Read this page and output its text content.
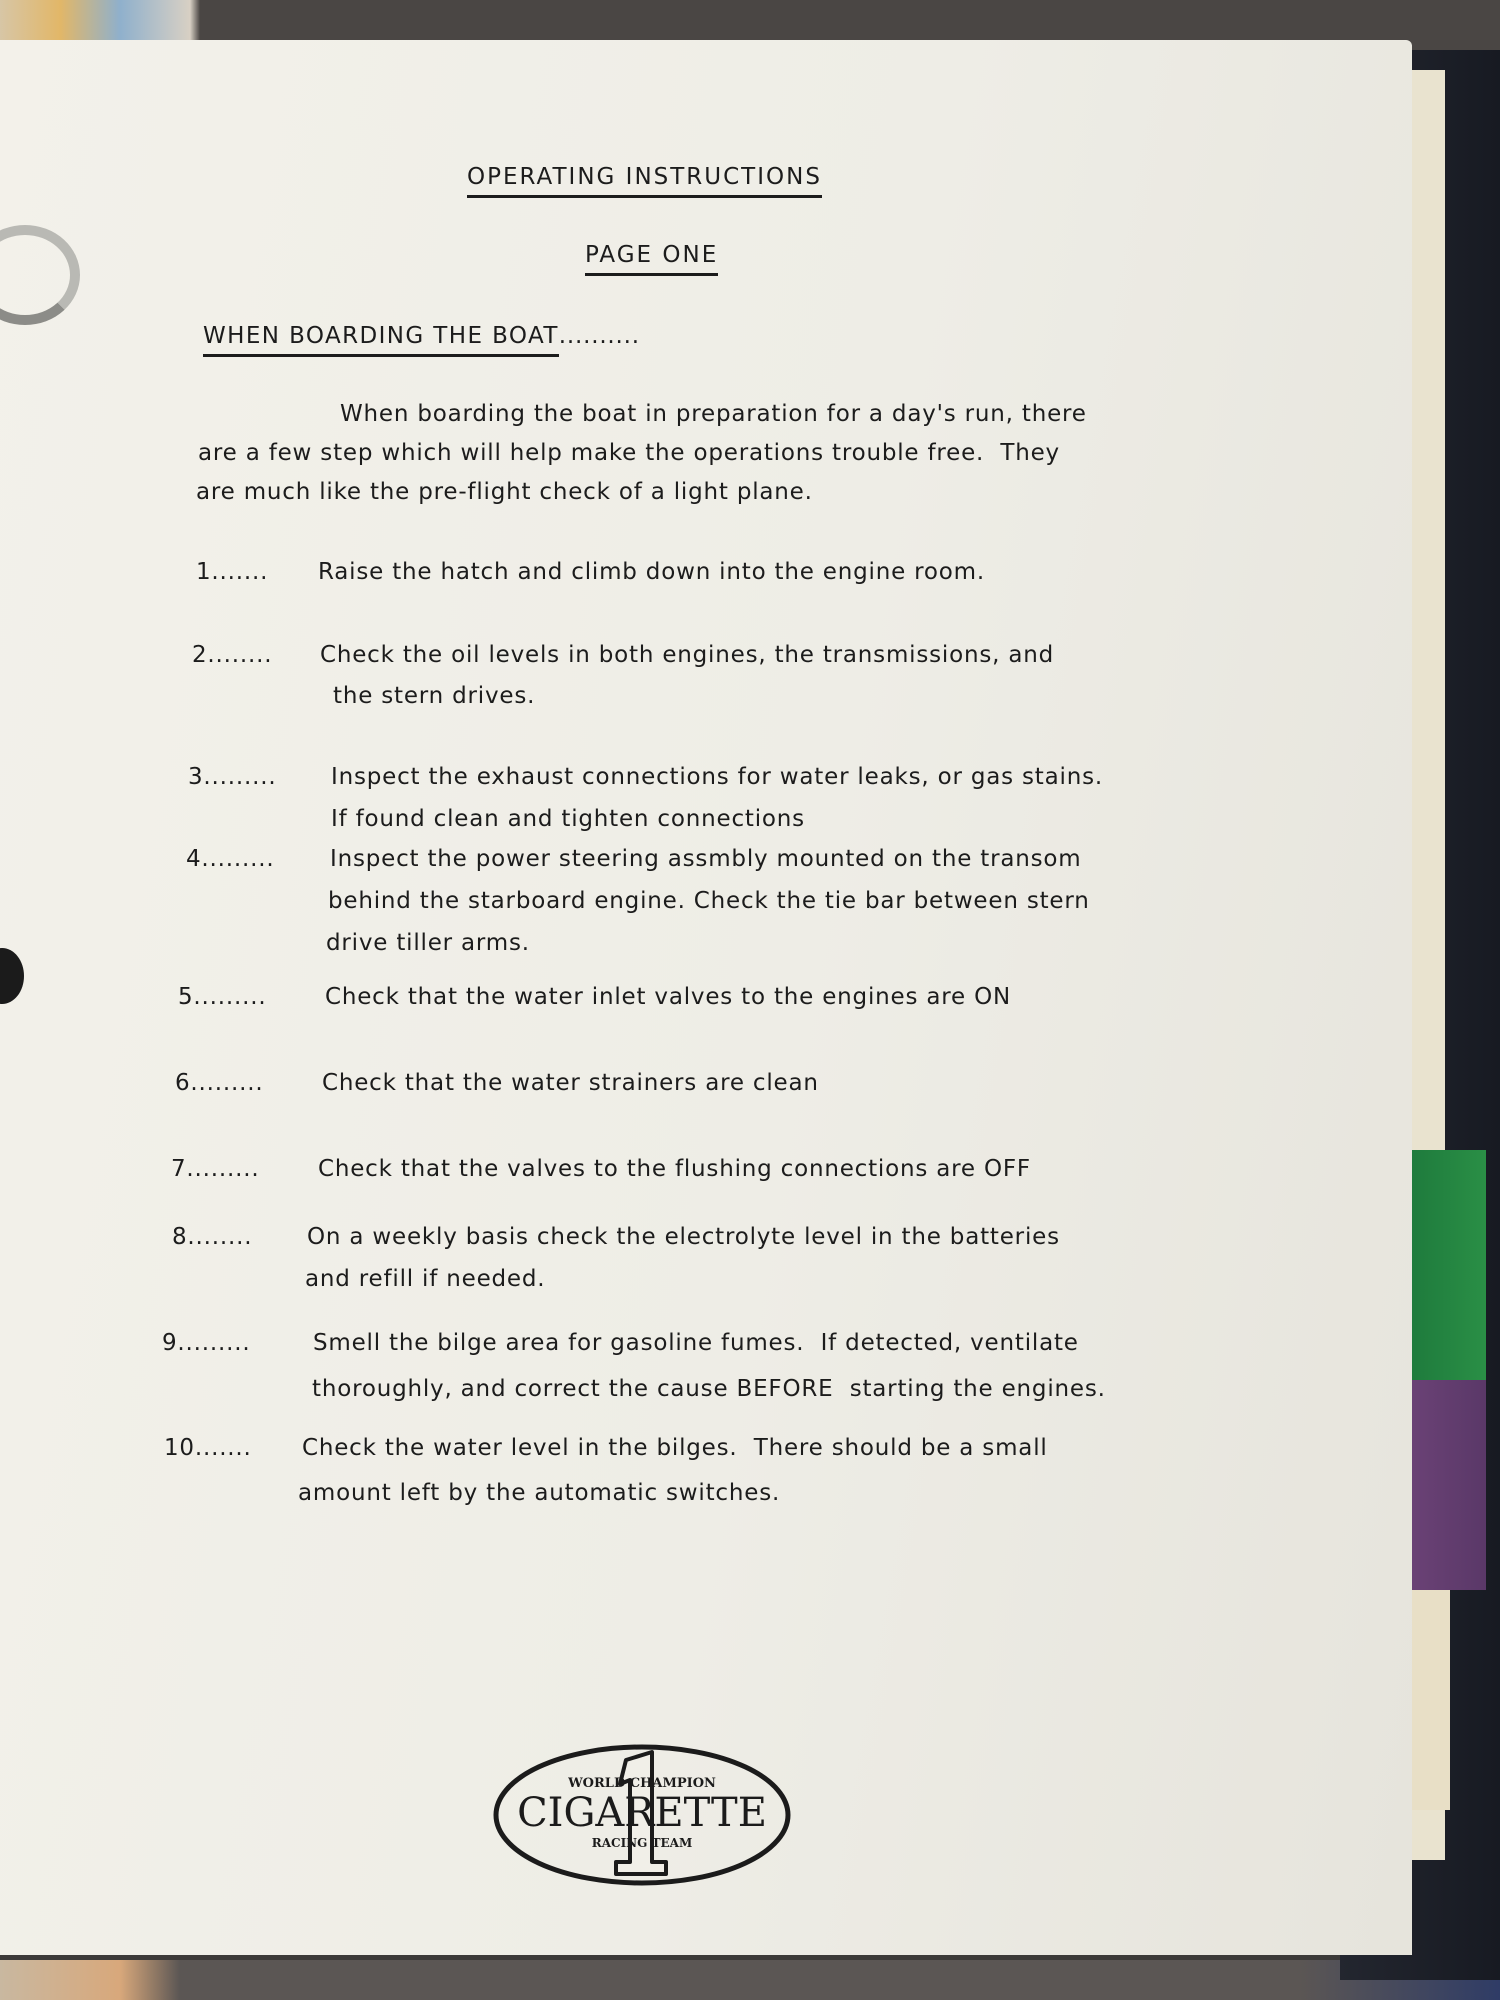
OPERATING INSTRUCTIONS
PAGE ONE
WHEN BOARDING THE BOAT..........
When boarding the boat in preparation for a day's run, there
are a few step which will help make the operations trouble free.  They
are much like the pre-flight check of a light plane.
1....... Raise the hatch and climb down into the engine room.
2........ Check the oil levels in both engines, the transmissions, and
the stern drives.
3......... Inspect the exhaust connections for water leaks, or gas stains.
If found clean and tighten connections
4......... Inspect the power steering assmbly mounted on the transom
behind the starboard engine. Check the tie bar between stern
drive tiller arms.
5.........	Check that the water inlet valves to the engines are ON
6.........	Check that the water strainers are clean
7.........	Check that the valves to the flushing connections are OFF
8........ On a weekly basis check the electrolyte level in the batteries
and refill if needed.
9.........	Smell the bilge area for gasoline fumes.  If detected, ventilate
thoroughly, and correct the cause BEFORE  starting the engines.
10....... Check the water level in the bilges.  There should be a small
amount left by the automatic switches.
WORLD CHAMPION
CIGARETTE
RACING TEAM
